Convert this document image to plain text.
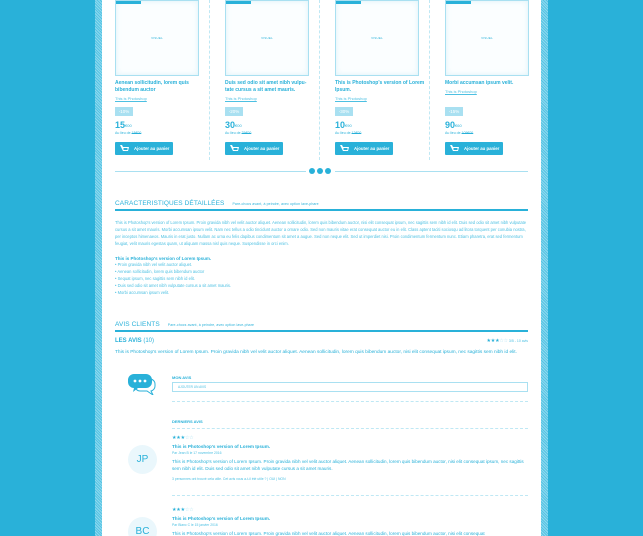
VISUEL
Aenean sollicitudin, lorem quis bibendum auctor
This is Photoshop
-10%
$15^{€00}$
Au lieu de 18€00
Ajouter au panier
VISUEL
Duis sed odio sit amet nibh vulpu-tate cursus a sit amet mauris.
This is Photoshop
-20%
$30^{€00}$
Au lieu de 25€00
Ajouter au panier
VISUEL
This is Photoshop's version of Lorem Ipsum.
This is Photoshop
-30%
$10^{€90}$
Au lieu de 12€00
Ajouter au panier
VISUEL
Morbi accumsan ipsum velit.
This is Photoshop
-15%
$90^{€60}$
Au lieu de 105€00
Ajouter au panier
CARACTERISTIQUES DÉTAILLÉES Pare-chocs avant, à peindre, avec option lave-phare
This is Photoshop's version of Lorem Ipsum. Proin gravida nibh vel velit auctor aliquet. Aenean sollicitudin, lorem quis bibendum auctor, nisi elit consequat ipsum, nec sagittis sem nibh id elit. Duis sed odio sit amet nibh vulputate cursus a sit amet mauris. Morbi accumsan ipsum velit. Nam nec tellus a odio tincidunt auctor a ornare odio. Sed non mauris vitae erat consequat auctor eu in elit. Class aptent taciti sociosqu ad litora torquent per conubia nostra, per inceptos himenaeos. Mauris in erat justo. Nullam ac urna eu felis dapibus condimentum sit amet a augue. Sed non neque elit. Sed ut imperdiet nisi. Proin condimentum fermentum nunc. Etiam pharetra, erat sed fermentum feugiat, velit mauris egestas quam, ut aliquam massa nisl quis neque. Suspendisse in orci enim.
This is Photoshop's version of Lorem Ipsum.
• Proin gravida nibh vel velit auctor aliquet.
• Aenean sollicitudin, lorem quis bibendum auctor
• Sequat ipsum, nec sagittis sem nibh id elit.
• Duis sed odio sit amet nibh vulputate cursus a sit amet mauris.
• Morbi accumsan ipsum velit.
AVIS CLIENTS Pare-chocs avant, à peindre, avec option lave-phare
LES AVIS (10)	★★★☆☆ 3/5 - 10 avis
This is Photoshop's version of Lorem Ipsum. Proin gravida nibh vel velit auctor aliquet. Aenean sollicitudin, lorem quis bibendum auctor, nisi elit consequat ipsum, nec sagittis sem nibh id elit.
MON AVIS
AJOUTER UN AVIS
DERNIERS AVIS
JP
★★★☆☆
This is Photoshop's version of Lorem Ipsum.
Par Jean B le 17 novembre 2016
This is Photoshop's version of Lorem Ipsum. Proin gravida nibh vel velit auctor aliquet. Aenean sollicitudin, lorem quis bibendum auctor, nisi elit consequat ipsum, nec sagittis sem nibh id elit. Duis sed odio sit amet nibh vulputate cursus a sit amet mauris.
3 personnes ont trouvé cela utile. Cet avis vous a-t-il été utile ? | OUI | NON
BC
★★★☆☆
This is Photoshop's version of Lorem Ipsum.
Par Blanc C le 15 janvier 2016
This is Photoshop's version of Lorem Ipsum. Proin gravida nibh vel velit auctor aliquet. Aenean sollicitudin, lorem quis bibendum auctor, nisi elit consequat
